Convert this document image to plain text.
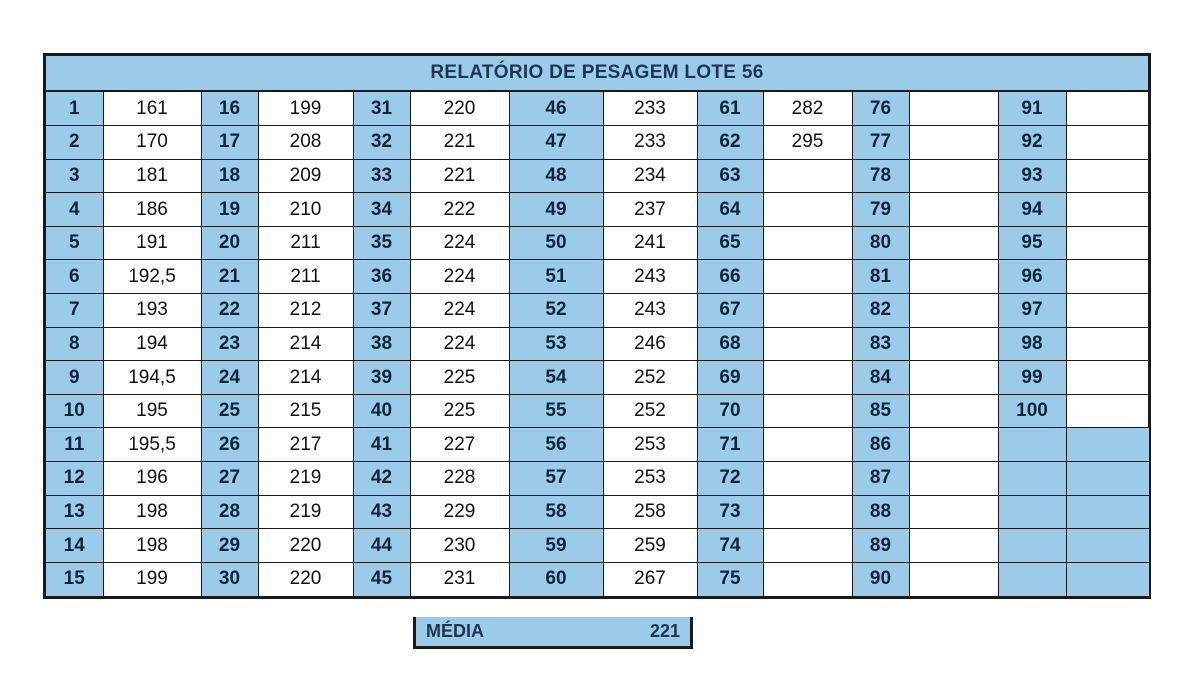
RELATÓRIO DE PESAGEM LOTE 56
1	161	16	199	31	220	46	233	61	282	76		91	
2	170	17	208	32	221	47	233	62	295	77		92	
3	181	18	209	33	221	48	234	63		78		93	
4	186	19	210	34	222	49	237	64		79		94	
5	191	20	211	35	224	50	241	65		80		95	
6	192,5	21	211	36	224	51	243	66		81		96	
7	193	22	212	37	224	52	243	67		82		97	
8	194	23	214	38	224	53	246	68		83		98	
9	194,5	24	214	39	225	54	252	69		84		99	
10	195	25	215	40	225	55	252	70		85		100	
11	195,5	26	217	41	227	56	253	71		86			
12	196	27	219	42	228	57	253	72		87			
13	198	28	219	43	229	58	258	73		88			
14	198	29	220	44	230	59	259	74		89			
15	199	30	220	45	231	60	267	75		90			
MÉDIA	221
